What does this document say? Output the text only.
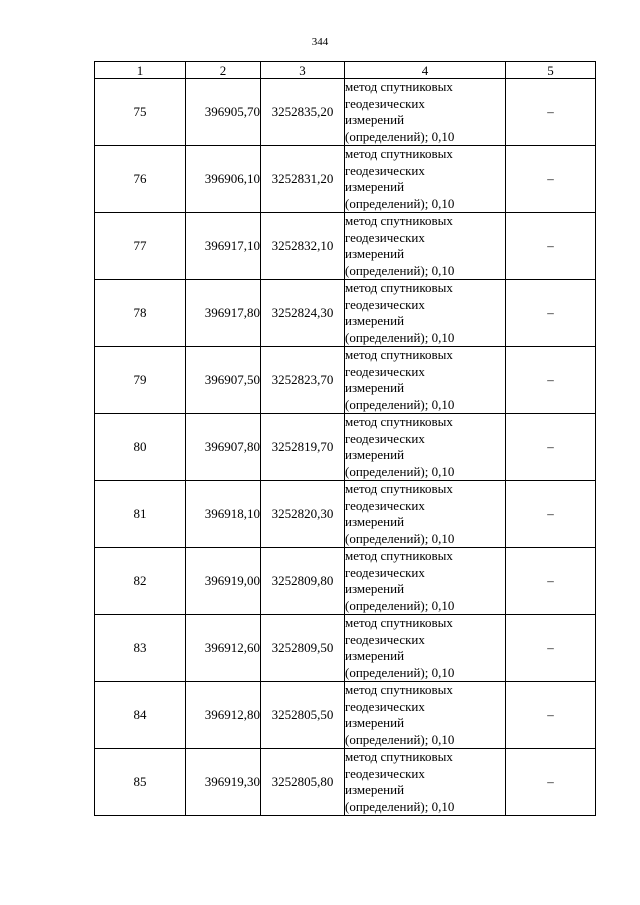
344
1	2	3	4	5
75	396905,70	3252835,20	метод спутниковых
геодезических
измерений
(определений); 0,10	–
76	396906,10	3252831,20	метод спутниковых
геодезических
измерений
(определений); 0,10	–
77	396917,10	3252832,10	метод спутниковых
геодезических
измерений
(определений); 0,10	–
78	396917,80	3252824,30	метод спутниковых
геодезических
измерений
(определений); 0,10	–
79	396907,50	3252823,70	метод спутниковых
геодезических
измерений
(определений); 0,10	–
80	396907,80	3252819,70	метод спутниковых
геодезических
измерений
(определений); 0,10	–
81	396918,10	3252820,30	метод спутниковых
геодезических
измерений
(определений); 0,10	–
82	396919,00	3252809,80	метод спутниковых
геодезических
измерений
(определений); 0,10	–
83	396912,60	3252809,50	метод спутниковых
геодезических
измерений
(определений); 0,10	–
84	396912,80	3252805,50	метод спутниковых
геодезических
измерений
(определений); 0,10	–
85	396919,30	3252805,80	метод спутниковых
геодезических
измерений
(определений); 0,10	–
